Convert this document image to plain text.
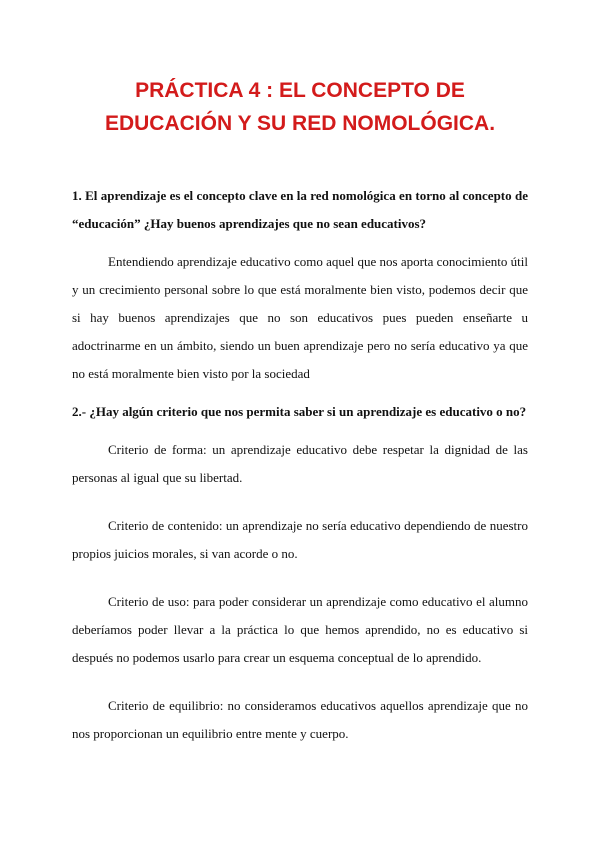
PRÁCTICA 4 : EL CONCEPTO DE
EDUCACIÓN Y SU RED NOMOLÓGICA.

1. El aprendizaje es el concepto clave en la red nomológica en torno al concepto de “educación” ¿Hay buenos aprendizajes que no sean educativos?

Entendiendo aprendizaje educativo como aquel que nos aporta conocimiento útil y un crecimiento personal sobre lo que está moralmente bien visto, podemos decir que si hay buenos aprendizajes que no son educativos pues pueden enseñarte u adoctrinarme en un ámbito, siendo un buen aprendizaje pero no sería educativo ya que no está moralmente bien visto por la sociedad

2.- ¿Hay algún criterio que nos permita saber si un aprendizaje es educativo o no?

Criterio de forma: un aprendizaje educativo debe respetar la dignidad de las personas al igual que su libertad.

Criterio de contenido: un aprendizaje no sería educativo dependiendo de nuestro propios juicios morales, si van acorde o no.

Criterio de uso: para poder considerar un aprendizaje como educativo el alumno deberíamos poder llevar a la práctica lo que hemos aprendido, no es educativo si después no podemos usarlo para crear un esquema conceptual de lo aprendido.

Criterio de equilibrio: no consideramos educativos aquellos aprendizaje que no nos proporcionan un equilibrio entre mente y cuerpo.
